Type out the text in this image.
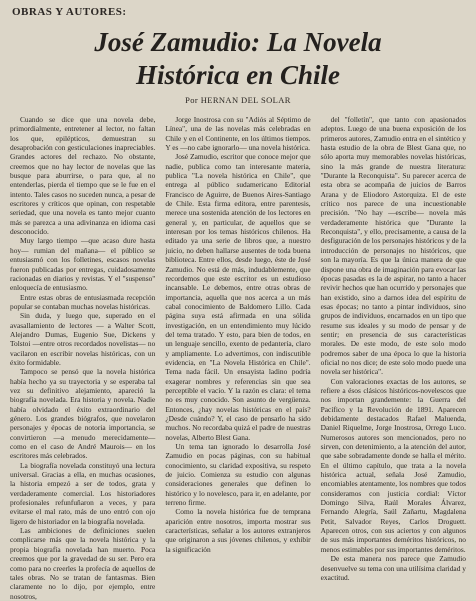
OBRAS Y AUTORES:
José Zamudio: La Novela
Histórica en Chile
Por HERNAN DEL SOLAR

Cuando se dice que una novela debe, primordialmente, entretener al lector, no faltan los que, epilépticos, demuestran su desaprobación con gesticulaciones inapreciables. Grandes actores del rechazo. No obstante, creemos que no hay lector de novelas que las busque para aburrirse, o para que, al no entenderlas, pierda el tiempo que se le fue en el intento. Tales casos no suceden nunca, a pesar de escritores y críticos que opinan, con respetable seriedad, que una novela es tanto mejor cuanto más se parezca a una adivinanza en idioma casi desconocido.

Muy largo tiempo —que acaso dure hasta hoy— rumian del mañana— el público se entusiasmó con los folletines, escasos novelas fueron publicadas por entregas, cuidadosamente racionadas en diarios y revistas. Y el "suspenso" enloquecía de entusiasmo.

Entre estas obras de entusiasmada recepción popular se contaban muchas novelas históricas.

Sin duda, y luego que, superado en el avasallamiento de lectores — a Walter Scott, Alejandro Dumas, Eugenio Sue, Dickens y Tolstoi —entre otros recordados novelistas— no vacilaron en escribir novelas históricas, con un éxito formidable.

Tampoco se pensó que la novela histórica había hecho ya su trayectoria y se esperaba tal vez su definitivo alejamiento, apareció la biografía novelada. Era historia y novela. Nadie había olvidado el éxito extraordinario del género. Los grandes biógrafos, que novelaron personajes y épocas de notoria importancia, se convirtieron —a menudo merecidamente— como en el caso de André Maurois— en los escritores más celebrados.

La biografía novelada constituyó una lectura universal. Gracias a ella, en muchas ocasiones, la historia empezó a ser de todos, grata y verdaderamente comercial. Los historiadores profesionales refunfuñaron a veces, y para evitarse el mal rato, más de uno entró con ojo ligero de historiador en la biografía novelada.

Las ambiciones de definiciones suelen complicarse más que la novela histórica y la propia biografía novelada han muerto. Poca creemos que por la gravedad de su ser. Pero era como para no creerles la profecía de aquellos de tales obras. No se tratan de fantasmas. Bien claramente no lo dijo, por ejemplo, entre nosotros,

Jorge Inostrosa con su "Adiós al Séptimo de Línea", una de las novelas más celebradas en Chile y en el Continente, en los últimos tiempos. Y es —no cabe ignorarlo— una novela histórica.

José Zamudio, escritor que conoce mejor que nadie, publica como tan interesante materia, publica "La novela histórica en Chile", que entrega al público sudamericano Editorial Francisco de Aguirre, de Buenos Aires-Santiago de Chile. Esta firma editora, entre parentesis, merece una sostenida atención de los lectores en general y, en particular, de aquellos que se interesan por los temas históricos chilenos. Ha editado ya una serie de libros que, a nuestro juicio, no deben hallarse ausentes de toda buena biblioteca. Entre ellos, desde luego, éste de José Zamudio. No está de más, indudablemente, que recordemos que este escritor es un estudioso incansable. Le debemos, entre otras obras de importancia, aquella que nos acerca a un más cabal conocimiento de Baldomero Lillo. Cada página suya está afirmada en una sólida investigación, en un entendimiento muy lúcido del tema tratado. Y esto, para bien de todos, en un lenguaje sencillo, exento de pedantería, claro y ampliamente. Lo advertimos, con indiscutible evidencia, en "La Novela Histórica en Chile". Tema nada fácil. Un ensayista ladino podría exagerar nombres y referencias sin que sea perceptible el vacío. Y la razón es clara: el tema no es muy conocido. Son asunto de vergüenza. Entonces, ¿hay novelas históricas en el país? ¿Desde cuándo? Y, el caso de pensarlo ha sido muchos. No recordaba quizá el padre de nuestras novelas, Alberto Blest Gana.

Un tema tan ignorado lo desarrolla José Zamudio en pocas páginas, con su habitual conocimiento, su claridad expositiva, su respeto de juicio. Comienza su estudio con algunas consideraciones generales que definen lo histórico y lo novelesco, para ir, en adelante, por terreno firme.

Como la novela histórica fue de temprana aparición entre nosotros, importa mostrar sus características, señalar a los autores extranjeros que originaron a sus jóvenes chilenos, y exhibir la significación

del "folletín", que tanto con apasionados adeptos. Luego de una buena exposición de los primeros autores, Zamudio entra en el sintético y hasta estudio de la obra de Blest Gana que, no sólo aporta muy memorables novelas históricas, sino la más grande de nuestra literatura: "Durante la Reconquista". Su parecer acerca de esta obra se acompaña de juicios de Barros Arana y de Eliodoro Astorquiza. El de este crítico nos parece de una incuestionable precisión. "No hay —escribe— novela más verdaderamente histórica que "Durante la Reconquista", y ello, precisamente, a causa de la desfiguración de los personajes históricos y de la introducción de personajes no históricos, que son la mayoría. Es que la única manera de que dispone una obra de imaginación para evocar las épocas pasadas es la de aspirar, no tanto a hacer revivir hechos que han ocurrido y personajes que han existido, sino a darnos idea del espíritu de esas épocas; no tanto a pintar individuos, sino grupos de individuos, encarnados en un tipo que resume sus ideales y su modo de pensar y de sentir; en presencia de sus características morales. De este modo, de este solo modo podremos saber de una época lo que la historia oficial no nos dice; de este solo modo puede una novela ser histórica".

Con valoraciones exactas de los autores, se refiere a ésos clásicos históricos-novelescos que nos importan grandemente: la Guerra del Pacífico y la Revolución de 1891. Aparecen debidamente destacados Rafael Maluenda, Daniel Riquelme, Jorge Inostrosa, Orrego Luco. Numerosos autores son mencionados, pero no sirven, con detenimiento, a la atención del autor, que sabe sobradamente donde se halla el mérito. En el último capítulo, que trata a la novela histórica actual, señala José Zamudio, encomiables atentamente, los nombres que todos consideramos con justicia cordial: Víctor Domingo Silva, Raúl Morales Álvarez, Fernando Alegría, Saúl Zañartu, Magdalena Petit, Salvador Reyes, Carlos Droguett. Aparecen otros, con sus aciertos y con algunos de sus más importantes deméritos históricos, no menos estimables por sus importantes deméritos.

De esta manera nos parece que Zamudio desenvuelve su tema con una utilísima claridad y exactitud.
